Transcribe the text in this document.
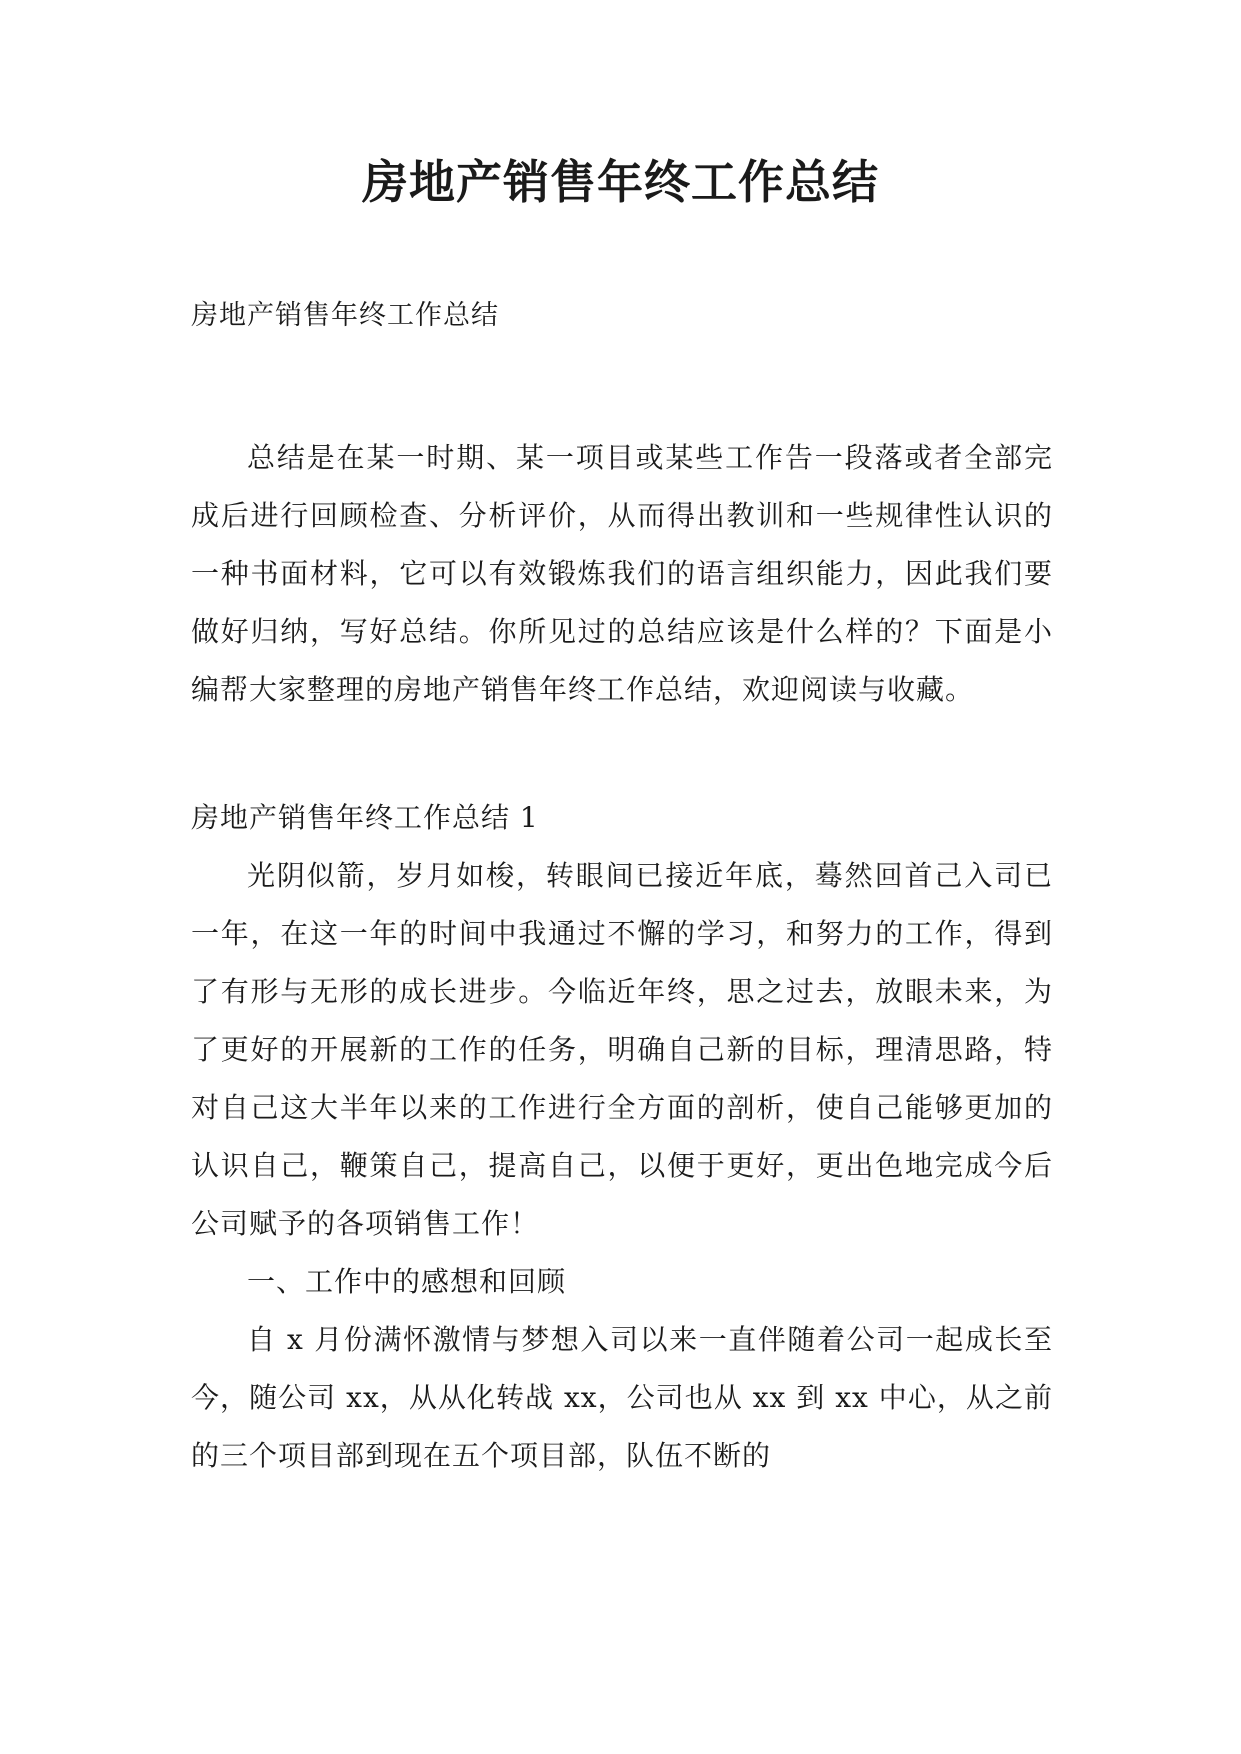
房地产销售年终工作总结

房地产销售年终工作总结

总结是在某一时期、某一项目或某些工作告一段落或者全部完成后进行回顾检查、分析评价，从而得出教训和一些规律性认识的一种书面材料，它可以有效锻炼我们的语言组织能力，因此我们要做好归纳，写好总结。你所见过的总结应该是什么样的？下面是小编帮大家整理的房地产销售年终工作总结，欢迎阅读与收藏。

房地产销售年终工作总结 1

光阴似箭，岁月如梭，转眼间已接近年底，蓦然回首己入司已一年，在这一年的时间中我通过不懈的学习，和努力的工作，得到了有形与无形的成长进步。今临近年终，思之过去，放眼未来，为了更好的开展新的工作的任务，明确自己新的目标，理清思路，特对自己这大半年以来的工作进行全方面的剖析，使自己能够更加的认识自己，鞭策自己，提高自己，以便于更好，更出色地完成今后公司赋予的各项销售工作！

一、工作中的感想和回顾

自 x 月份满怀激情与梦想入司以来一直伴随着公司一起成长至今，随公司 xx，从从化转战 xx，公司也从 xx 到 xx 中心，从之前的三个项目部到现在五个项目部，队伍不断的
